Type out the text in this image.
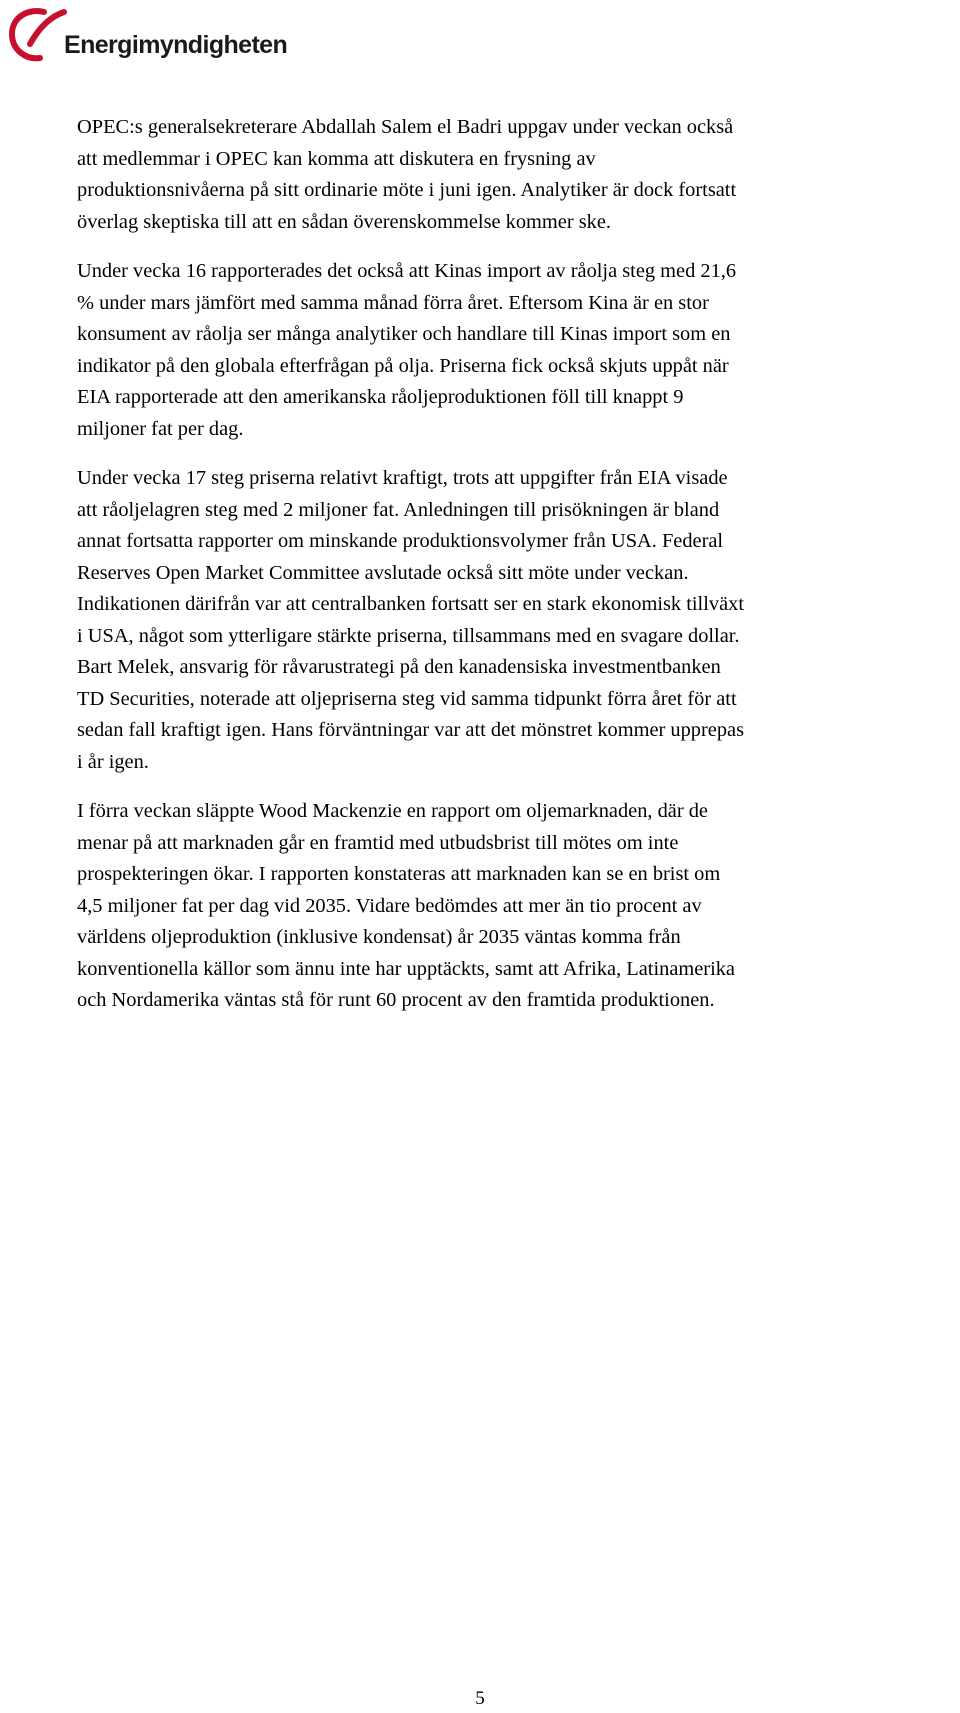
Energimyndigheten

OPEC:s generalsekreterare Abdallah Salem el Badri uppgav under veckan också
att medlemmar i OPEC kan komma att diskutera en frysning av
produktionsnivåerna på sitt ordinarie möte i juni igen. Analytiker är dock fortsatt
överlag skeptiska till att en sådan överenskommelse kommer ske.

Under vecka 16 rapporterades det också att Kinas import av råolja steg med 21,6
% under mars jämfört med samma månad förra året. Eftersom Kina är en stor
konsument av råolja ser många analytiker och handlare till Kinas import som en
indikator på den globala efterfrågan på olja. Priserna fick också skjuts uppåt när
EIA rapporterade att den amerikanska råoljeproduktionen föll till knappt 9
miljoner fat per dag.

Under vecka 17 steg priserna relativt kraftigt, trots att uppgifter från EIA visade
att råoljelagren steg med 2 miljoner fat. Anledningen till prisökningen är bland
annat fortsatta rapporter om minskande produktionsvolymer från USA. Federal
Reserves Open Market Committee avslutade också sitt möte under veckan.
Indikationen därifrån var att centralbanken fortsatt ser en stark ekonomisk tillväxt
i USA, något som ytterligare stärkte priserna, tillsammans med en svagare dollar.
Bart Melek, ansvarig för råvarustrategi på den kanadensiska investmentbanken
TD Securities, noterade att oljepriserna steg vid samma tidpunkt förra året för att
sedan fall kraftigt igen. Hans förväntningar var att det mönstret kommer upprepas
i år igen.

I förra veckan släppte Wood Mackenzie en rapport om oljemarknaden, där de
menar på att marknaden går en framtid med utbudsbrist till mötes om inte
prospekteringen ökar. I rapporten konstateras att marknaden kan se en brist om
4,5 miljoner fat per dag vid 2035. Vidare bedömdes att mer än tio procent av
världens oljeproduktion (inklusive kondensat) år 2035 väntas komma från
konventionella källor som ännu inte har upptäckts, samt att Afrika, Latinamerika
och Nordamerika väntas stå för runt 60 procent av den framtida produktionen.

5
